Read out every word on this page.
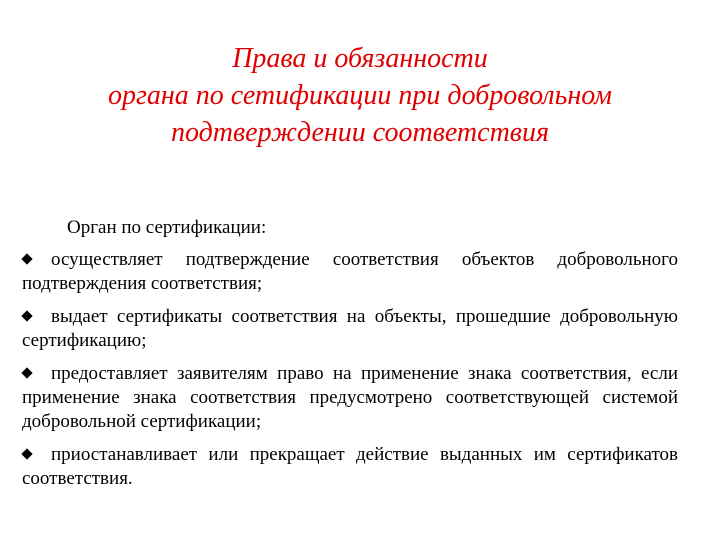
Права и обязанности
органа по сетификации при добровольном
подтверждении соответствия
Орган по сертификации:
осуществляет подтверждение соответствия объектов добровольного подтверждения соответствия;
выдает сертификаты соответствия на объекты, прошедшие добровольную сертификацию;
предоставляет заявителям право на применение знака соответствия, если применение знака соответствия предусмотрено соответствующей системой добровольной сертификации;
приостанавливает или прекращает действие выданных им сертификатов соответствия.
